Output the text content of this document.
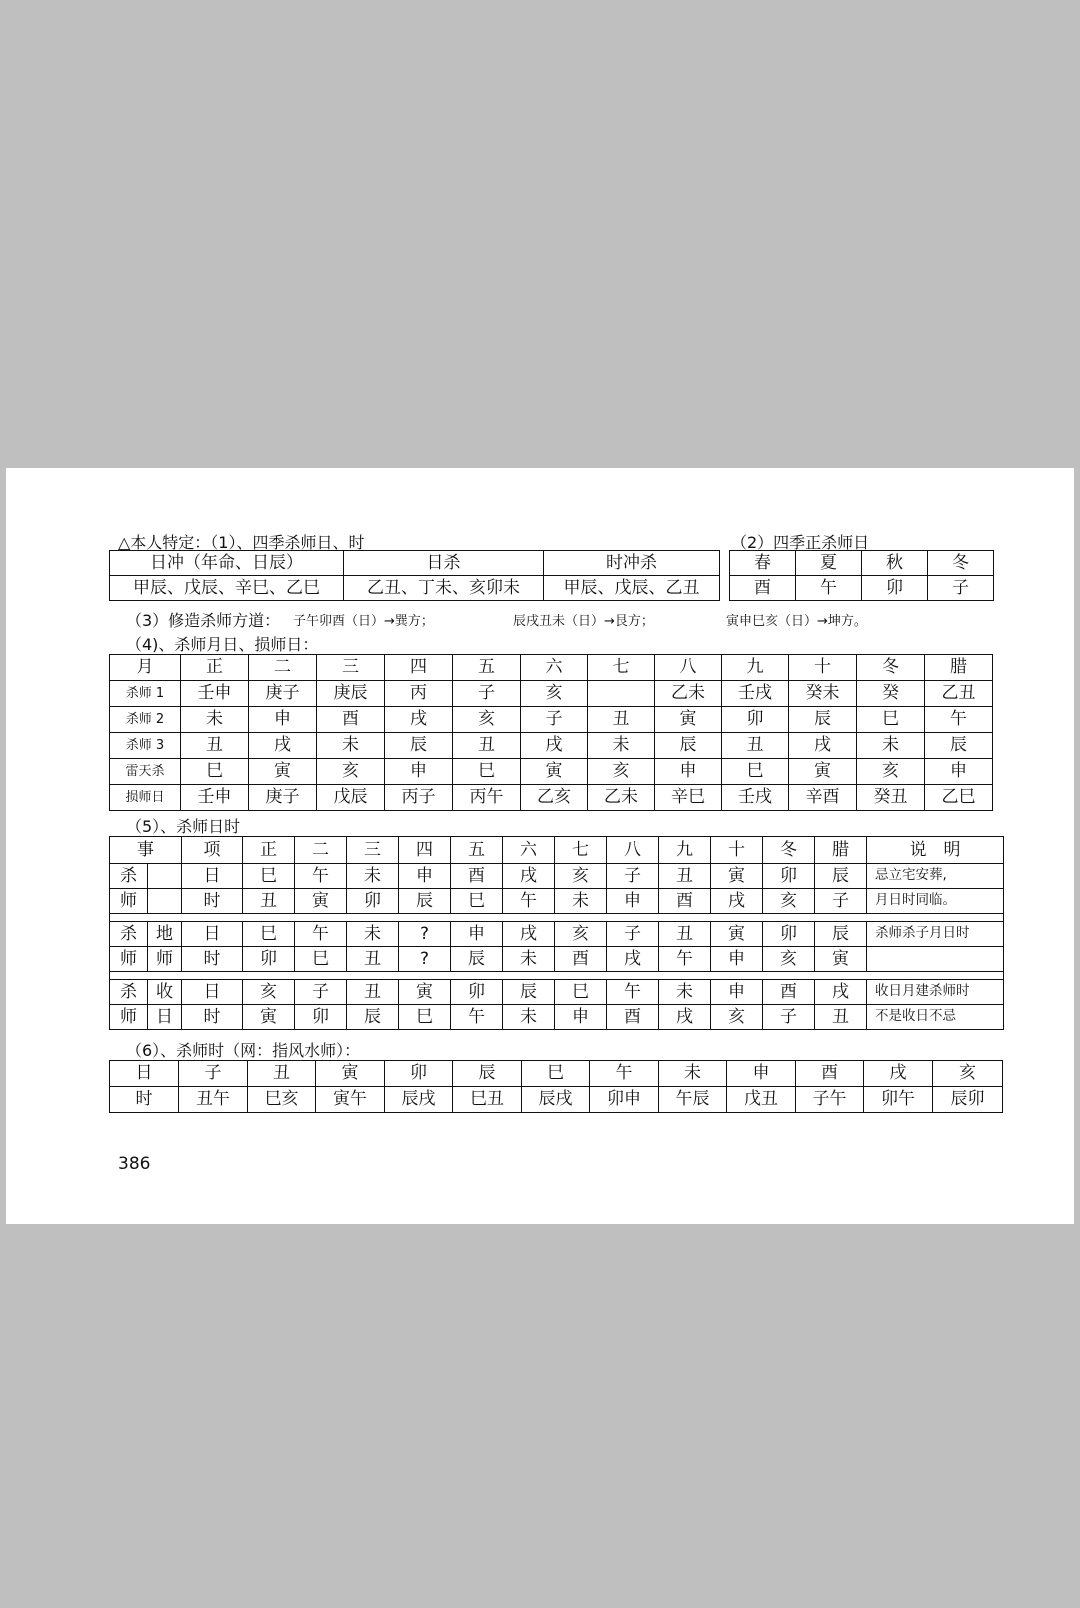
△本人特定：（1）、四季杀师日、时	（2）四季正杀师日
日冲（年命、日辰）	日杀	时冲杀
甲辰、戊辰、辛巳、乙巳	乙丑、丁未、亥卯未	甲辰、戊辰、乙丑
春	夏	秋	冬
酉	午	卯	子
（3）修造杀师方道： 子午卯酉（日）→巽方；	辰戌丑未（日）→艮方；	寅申巳亥（日）→坤方。
（4)、杀师月日、损师日：
月	正	二	三	四	五	六	七	八	九	十	冬	腊
杀师 1	壬申	庚子	庚辰	丙	子	亥		乙未	壬戌	癸未	癸	乙丑
杀师 2	未	申	酉	戌	亥	子	丑	寅	卯	辰	巳	午
杀师 3	丑	戌	未	辰	丑	戌	未	辰	丑	戌	未	辰
雷天杀	巳	寅	亥	申	巳	寅	亥	申	巳	寅	亥	申
损师日	壬申	庚子	戊辰	丙子	丙午	乙亥	乙未	辛巳	壬戌	辛酉	癸丑	乙巳
（5）、杀师日时
事		项	正	二	三	四	五	六	七	八	九	十	冬	腊	说　明
杀		日	巳	午	未	申	酉	戌	亥	子	丑	寅	卯	辰	忌立宅安葬,
师		时	丑	寅	卯	辰	巳	午	未	申	酉	戌	亥	子	月日时同临。

杀	地	日	巳	午	未	?	申	戌	亥	子	丑	寅	卯	辰	杀师杀子月日时
师	师	时	卯	巳	丑	?	辰	未	酉	戌	午	申	亥	寅	

杀	收	日	亥	子	丑	寅	卯	辰	巳	午	未	申	酉	戌	收日月建杀师时
师	日	时	寅	卯	辰	巳	午	未	申	酉	戌	亥	子	丑	不是收日不忌
（6）、杀师时（网：指风水师）：
日	子	丑	寅	卯	辰	巳	午	未	申	酉	戌	亥
时	丑午	巳亥	寅午	辰戌	巳丑	辰戌	卯申	午辰	戊丑	子午	卯午	辰卯
386
